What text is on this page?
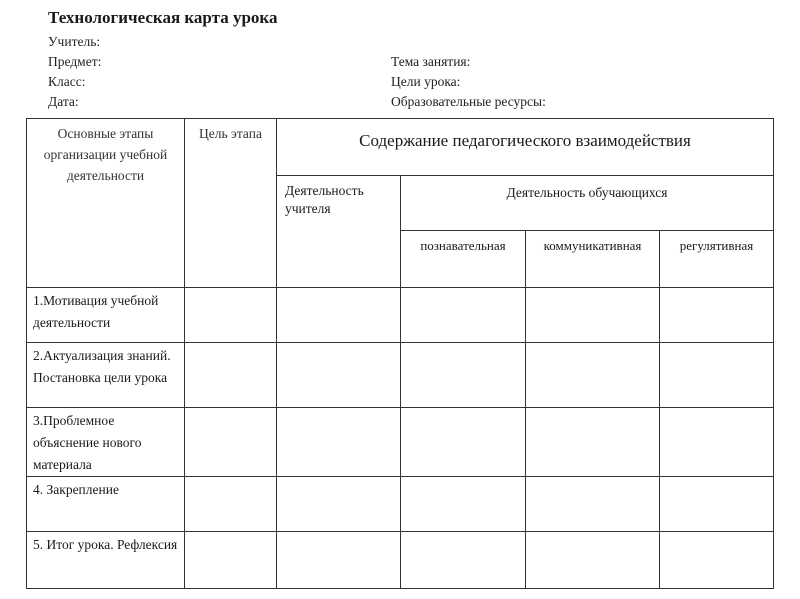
Технологическая карта урока
Учитель:
Предмет:
Класс:
Дата:
Тема занятия:
Цели урока:
Образовательные ресурсы:
Основные этапы организации учебной деятельности	Цель этапа	Содержание педагогического взаимодействия			
		Деятельность учителя	Деятельность обучающихся		
			познавательная	коммуникативная	регулятивная
1.Мотивация учебной деятельности					
2.Актуализация знаний. Постановка цели урока					
3.Проблемное объяснение нового материала					
4. Закрепление					
5. Итог урока. Рефлексия					
